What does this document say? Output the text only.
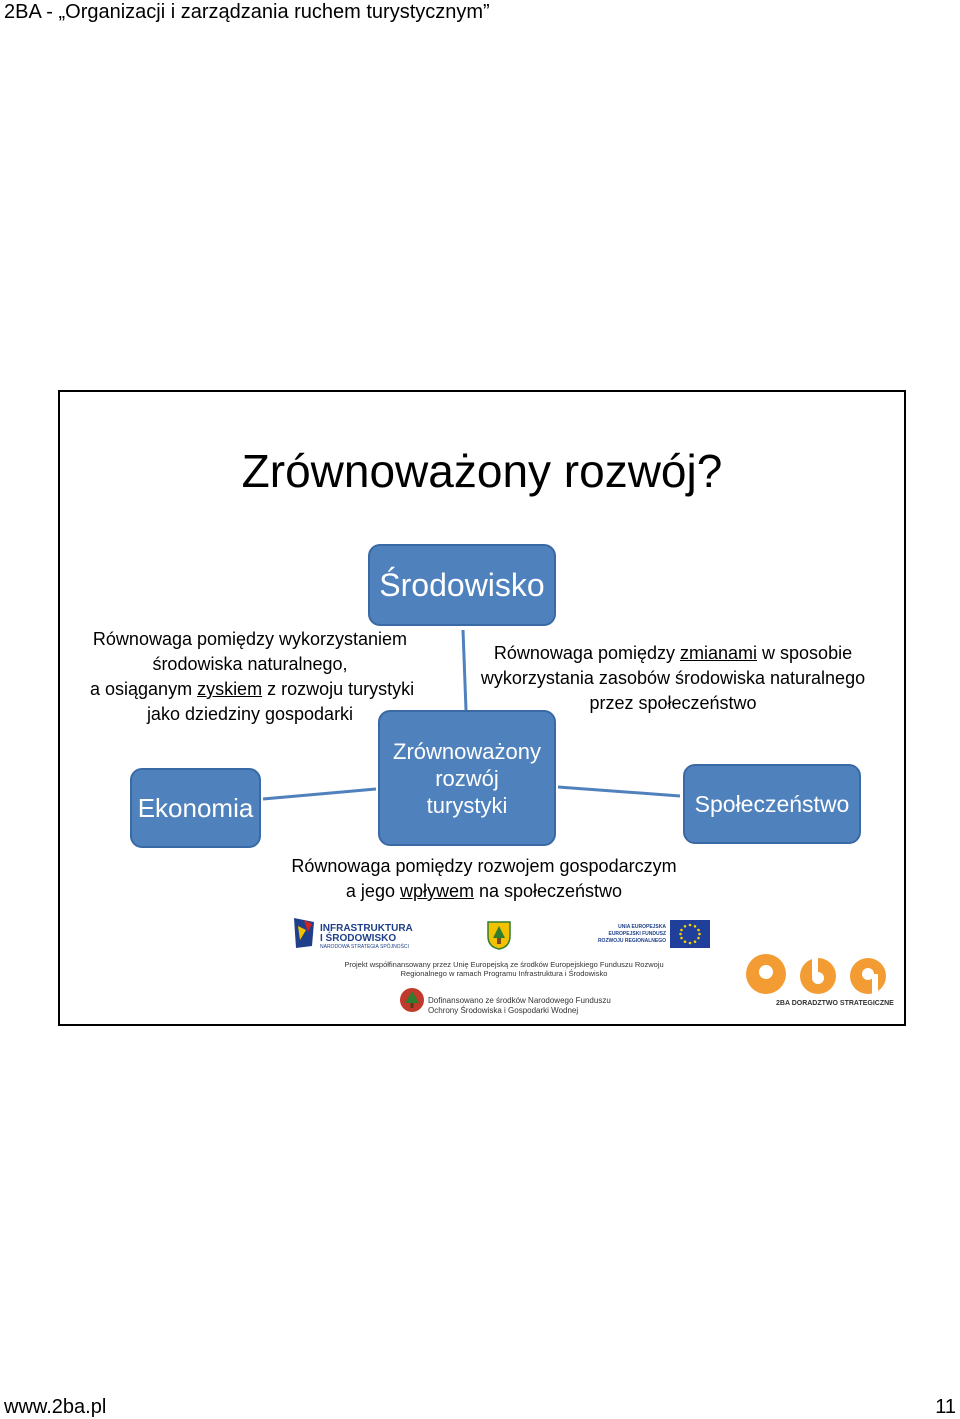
2BA - „Organizacji i zarządzania ruchem turystycznym”
Zrównoważony rozwój?
Środowisko
Ekonomia
Zrównoważony rozwój turystyki	Społeczeństwo
Równowaga pomiędzy wykorzystaniem
środowiska naturalnego,
a osiąganym zyskiem z rozwoju turystyki
jako dziedziny gospodarki
Równowaga pomiędzy zmianami w sposobie
wykorzystania zasobów środowiska naturalnego
przez społeczeństwo
Równowaga pomiędzy rozwojem gospodarczym
a jego wpływem na społeczeństwo
INFRASTRUKTURA
I ŚRODOWISKO
NARODOWA STRATEGIA SPÓJNOŚCI
UNIA EUROPEJSKA
EUROPEJSKI FUNDUSZ
ROZWOJU REGIONALNEGO
Projekt współfinansowany przez Unię Europejską ze środków Europejskiego Funduszu Rozwoju
Regionalnego w ramach Programu Infrastruktura i Środowisko
Dofinansowano ze środków Narodowego Funduszu
Ochrony Środowiska i Gospodarki Wodnej
2BA DORADZTWO STRATEGICZNE
www.2ba.pl	11
